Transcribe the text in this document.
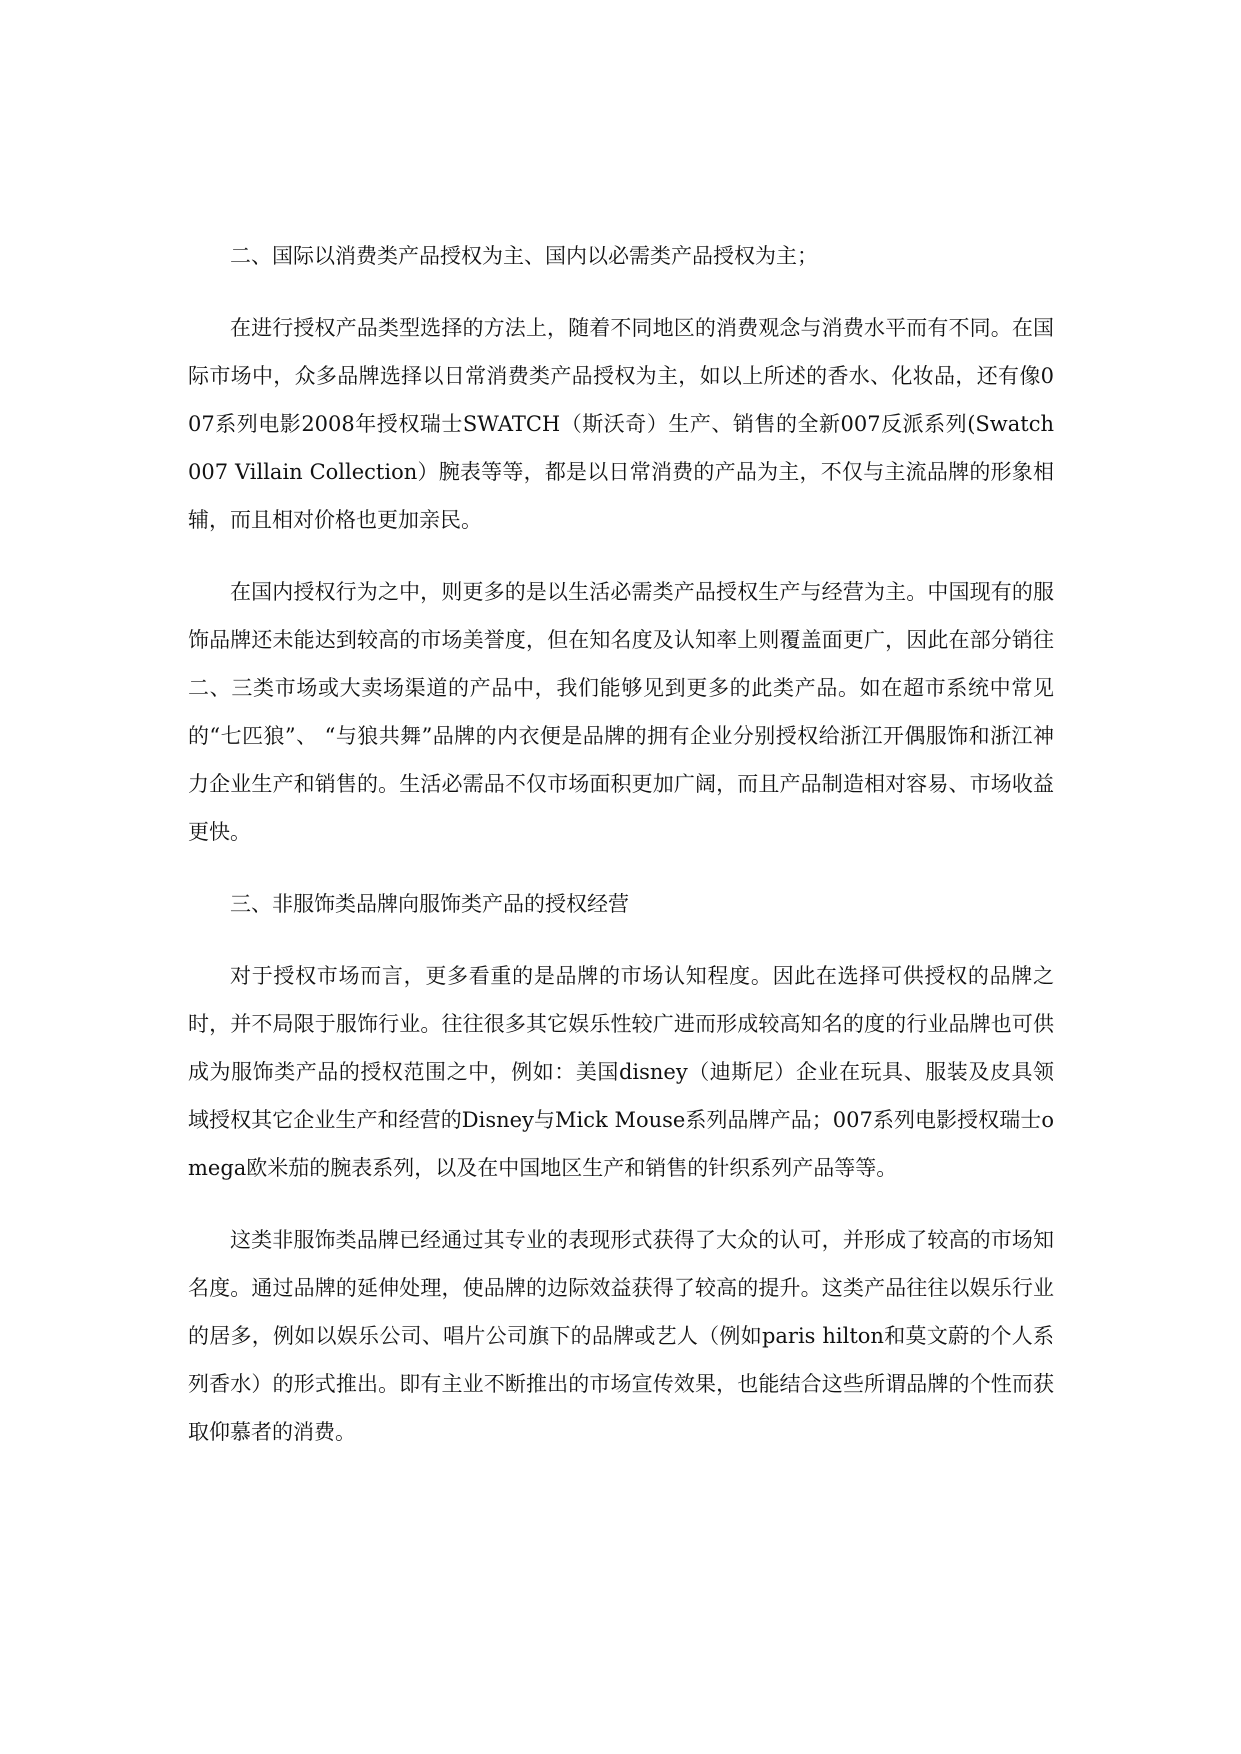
二、国际以消费类产品授权为主、国内以必需类产品授权为主；

在进行授权产品类型选择的方法上，随着不同地区的消费观念与消费水平而有不同。在国际市场中，众多品牌选择以日常消费类产品授权为主，如以上所述的香水、化妆品，还有像007系列电影2008年授权瑞士SWATCH（斯沃奇）生产、销售的全新007反派系列(Swatch 007 Villain Collection）腕表等等，都是以日常消费的产品为主，不仅与主流品牌的形象相辅，而且相对价格也更加亲民。

在国内授权行为之中，则更多的是以生活必需类产品授权生产与经营为主。中国现有的服饰品牌还未能达到较高的市场美誉度，但在知名度及认知率上则覆盖面更广，因此在部分销往二、三类市场或大卖场渠道的产品中，我们能够见到更多的此类产品。如在超市系统中常见的“七匹狼”、 “与狼共舞”品牌的内衣便是品牌的拥有企业分别授权给浙江开偶服饰和浙江神力企业生产和销售的。生活必需品不仅市场面积更加广阔，而且产品制造相对容易、市场收益更快。

三、非服饰类品牌向服饰类产品的授权经营

对于授权市场而言，更多看重的是品牌的市场认知程度。因此在选择可供授权的品牌之时，并不局限于服饰行业。往往很多其它娱乐性较广进而形成较高知名的度的行业品牌也可供成为服饰类产品的授权范围之中，例如：美国disney（迪斯尼）企业在玩具、服装及皮具领域授权其它企业生产和经营的Disney与Mick Mouse系列品牌产品；007系列电影授权瑞士omega欧米茄的腕表系列，以及在中国地区生产和销售的针织系列产品等等。

这类非服饰类品牌已经通过其专业的表现形式获得了大众的认可，并形成了较高的市场知名度。通过品牌的延伸处理，使品牌的边际效益获得了较高的提升。这类产品往往以娱乐行业的居多，例如以娱乐公司、唱片公司旗下的品牌或艺人（例如paris hilton和莫文蔚的个人系列香水）的形式推出。即有主业不断推出的市场宣传效果，也能结合这些所谓品牌的个性而获取仰慕者的消费。
